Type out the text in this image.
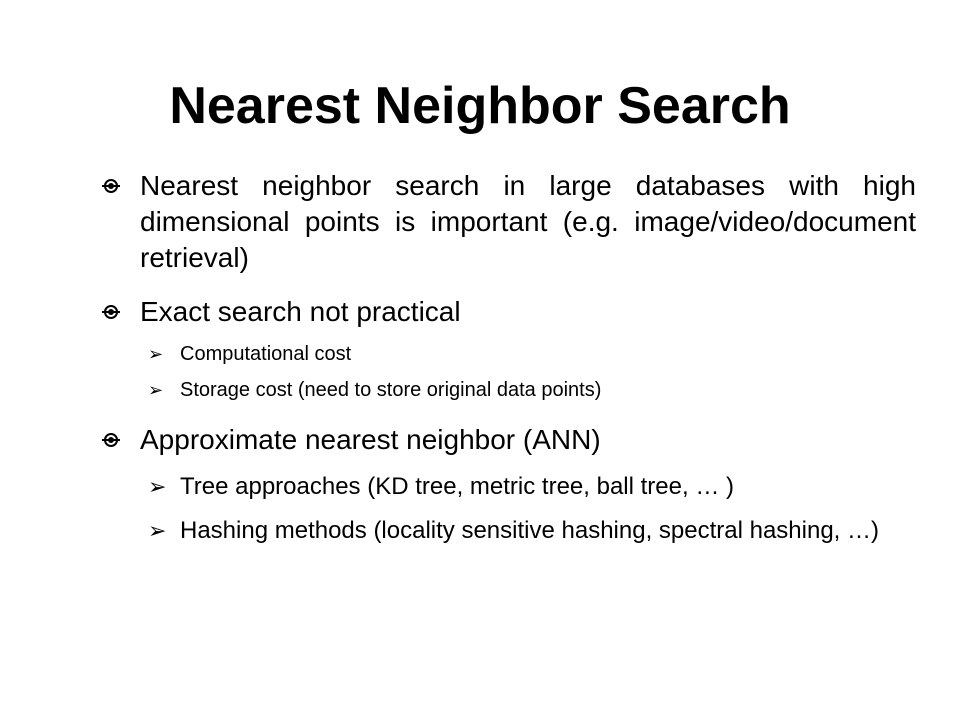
Nearest Neighbor Search
Nearest neighbor search in large databases with high dimensional points is important (e.g. image/video/document retrieval)
Exact search not practical
➢ Computational cost
➢ Storage cost (need to store original data points)
Approximate nearest neighbor (ANN)
➢ Tree approaches (KD tree, metric tree, ball tree, … )
➢ Hashing methods (locality sensitive hashing, spectral hashing, …)
